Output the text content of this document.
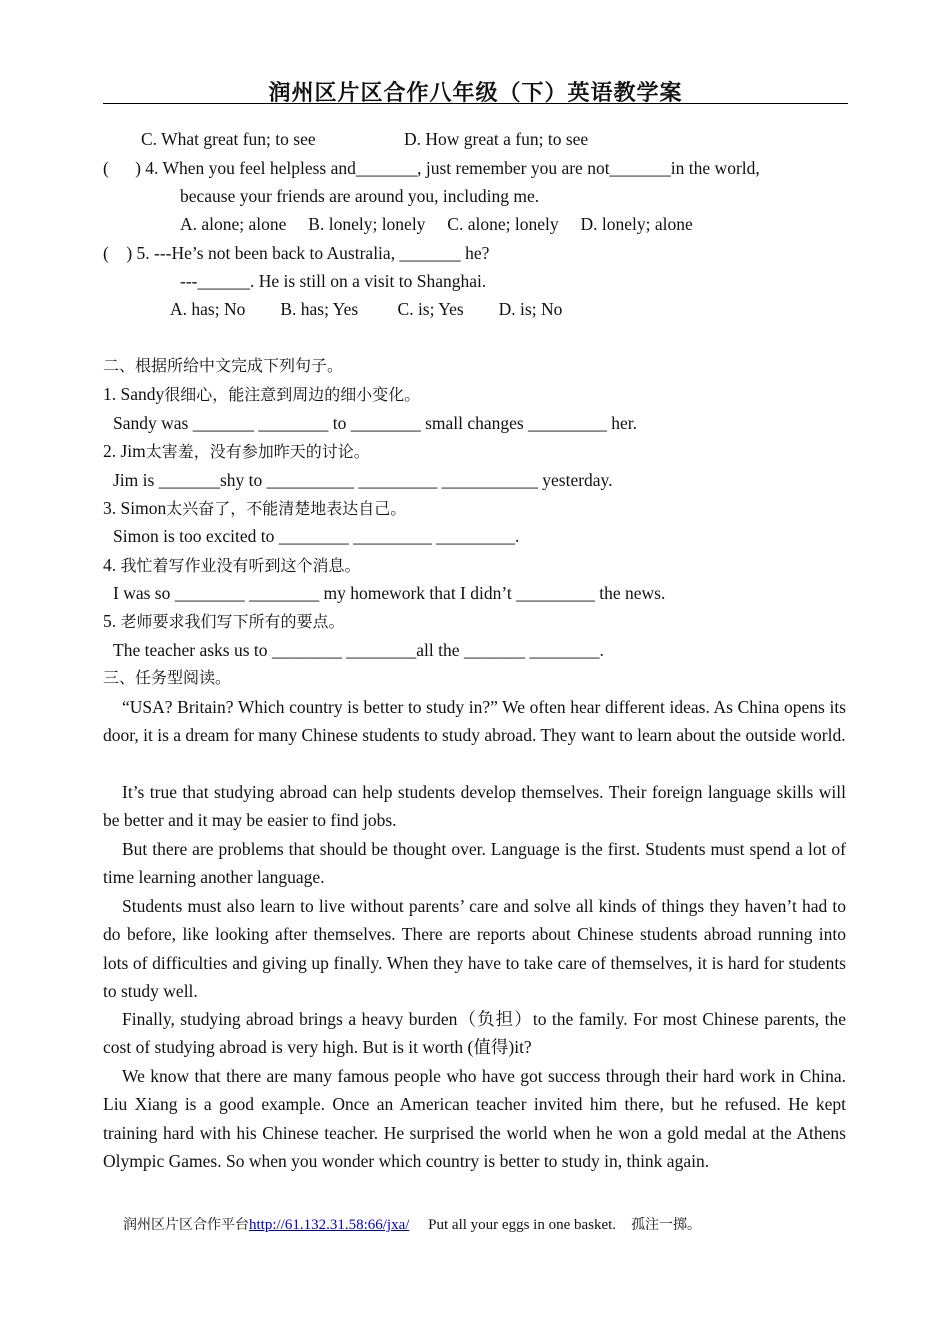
润州区片区合作八年级（下）英语教学案
C. What great fun; to see	D. How great a fun; to see
(      ) 4. When you feel helpless and_______, just remember you are not_______in the world,
because your friends are around you, including me.
A. alone; alone     B. lonely; lonely     C. alone; lonely     D. lonely; alone
(    ) 5. ---He’s not been back to Australia, _______ he?
---______. He is still on a visit to Shanghai.
A. has; No        B. has; Yes         C. is; Yes        D. is; No
二、根据所给中文完成下列句子。
1. Sandy很细心，能注意到周边的细小变化。
Sandy was _______ ________ to ________ small changes _________ her.
2. Jim太害羞，没有参加昨天的讨论。
Jim is _______shy to __________ _________ ___________ yesterday.
3. Simon太兴奋了，不能清楚地表达自己。
Simon is too excited to ________ _________ _________.
4. 我忙着写作业没有听到这个消息。
I was so ________ ________ my homework that I didn’t _________ the news.
5. 老师要求我们写下所有的要点。
The teacher asks us to ________ ________all the _______ ________.
三、任务型阅读。
“USA? Britain? Which country is better to study in?” We often hear different ideas. As China opens its door, it is a dream for many Chinese students to study abroad. They want to learn about the outside world.
It’s true that studying abroad can help students develop themselves. Their foreign language skills will be better and it may be easier to find jobs.
But there are problems that should be thought over. Language is the first. Students must spend a lot of time learning another language.
Students must also learn to live without parents’ care and solve all kinds of things they haven’t had to do before, like looking after themselves. There are reports about Chinese students abroad running into lots of difficulties and giving up finally. When they have to take care of themselves, it is hard for students to study well.
Finally, studying abroad brings a heavy burden（负担）to the family. For most Chinese parents, the cost of studying abroad is very high. But is it worth (值得)it?
We know that there are many famous people who have got success through their hard work in China. Liu Xiang is a good example. Once an American teacher invited him there, but he refused. He kept training hard with his Chinese teacher. He surprised the world when he won a gold medal at the Athens Olympic Games. So when you wonder which country is better to study in, think again.
润州区片区合作平台http://61.132.31.58:66/jxa/ Put all your eggs in one basket. 孤注一掷。
